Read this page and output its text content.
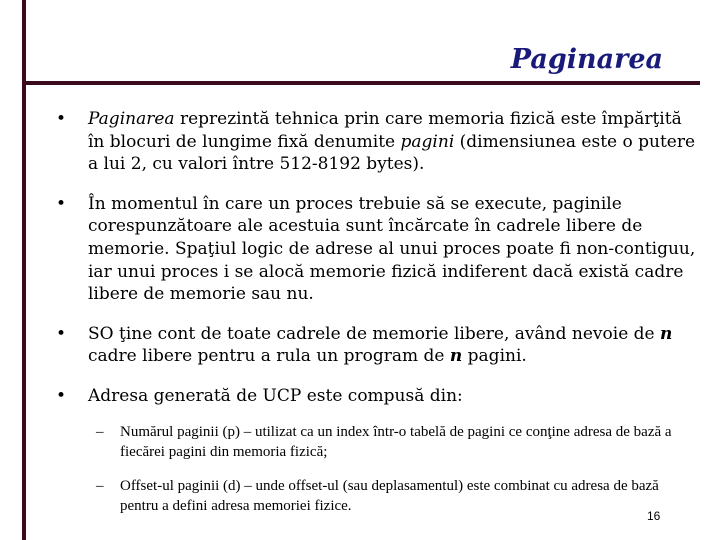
Paginarea
• Paginarea reprezintă tehnica prin care memoria fizică este împărţită în blocuri de lungime fixă denumite pagini (dimensiunea este o putere a lui 2, cu valori între 512-8192 bytes).
• În momentul în care un proces trebuie să se execute, paginile corespunzătoare ale acestuia sunt încărcate în cadrele libere de memorie. Spaţiul logic de adrese al unui proces poate fi non-contiguu, iar unui proces i se alocă memorie fizică indiferent dacă există cadre libere de memorie sau nu.
• SO ţine cont de toate cadrele de memorie libere, având nevoie de n cadre libere pentru a rula un program de n pagini.
• Adresa generată de UCP este compusă din:
– Numărul paginii (p) – utilizat ca un index într-o tabelă de pagini ce conţine adresa de bază a fiecărei pagini din memoria fizică;
– Offset-ul paginii (d) – unde offset-ul (sau deplasamentul) este combinat cu adresa de bază pentru a defini adresa memoriei fizice.
16
